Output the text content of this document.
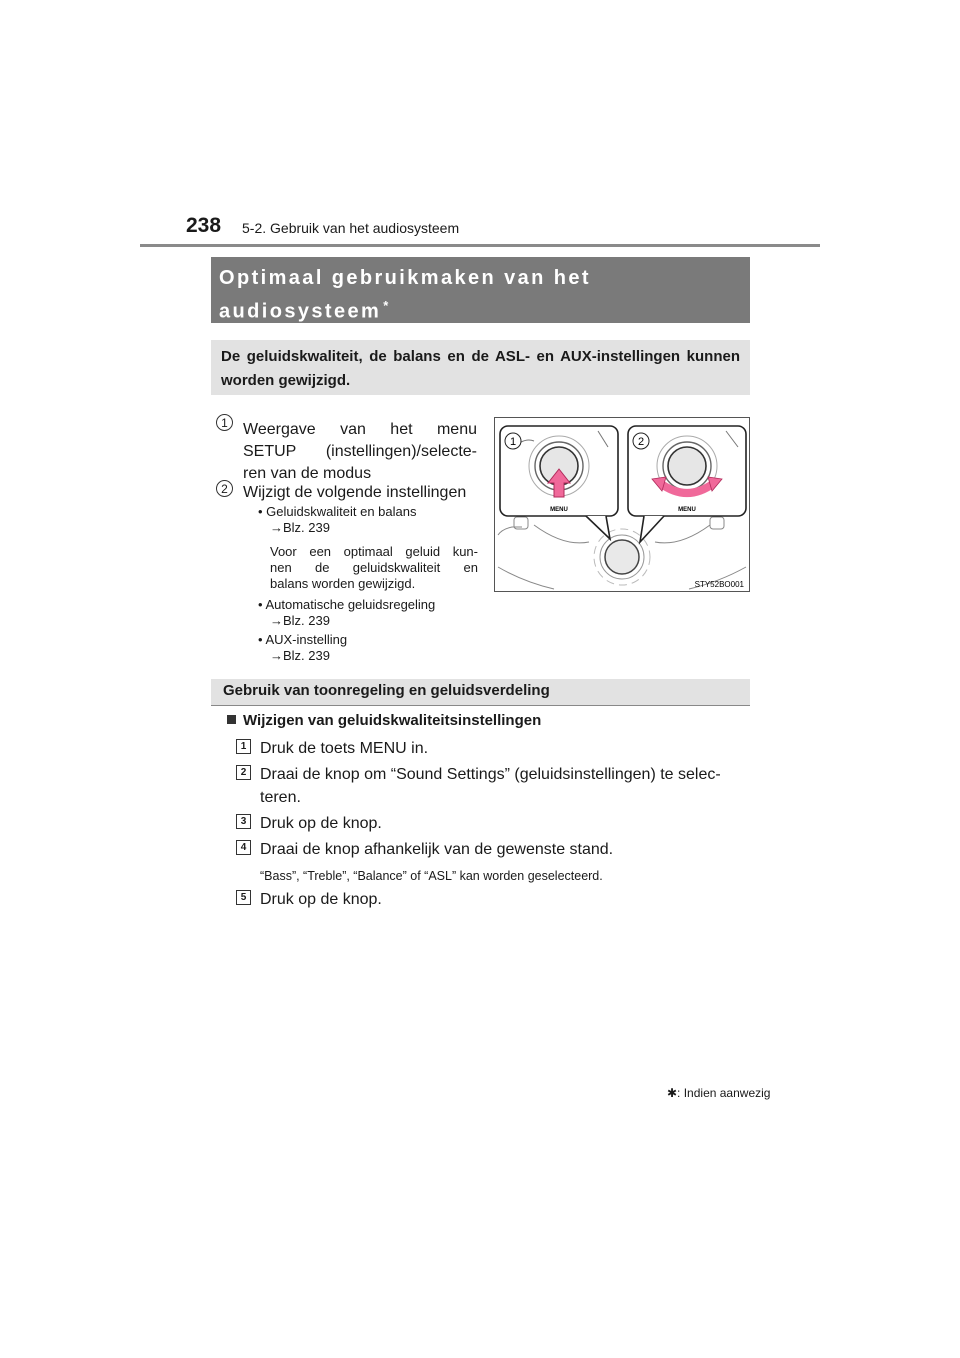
238 5-2. Gebruik van het audiosysteem
Optimaal gebruikmaken van het
audiosysteem *
De geluidskwaliteit, de balans en de ASL- en AUX-instellingen kunnen worden gewijzigd.
1 Weergave van het menu
SETUP (instellingen)/selecte-
ren van de modus
2 Wijzigt de volgende instellingen
• Geluidskwaliteit en balans
→Blz. 239
Voor een optimaal geluid kun-
nen de geluidskwaliteit en
balans worden gewijzigd.
• Automatische geluidsregeling
→Blz. 239
• AUX-instelling
→Blz. 239
1	2
MENU	MENU
STY52BO001
Gebruik van toonregeling en geluidsverdeling
Wijzigen van geluidskwaliteitsinstellingen
1 Druk de toets MENU in.
2 Draai de knop om “Sound Settings” (geluidsinstellingen) te selec-
teren.
3 Druk op de knop.
4 Draai de knop afhankelijk van de gewenste stand.
“Bass”, “Treble”, “Balance” of “ASL” kan worden geselecteerd.
5 Druk op de knop.
✱: Indien aanwezig
